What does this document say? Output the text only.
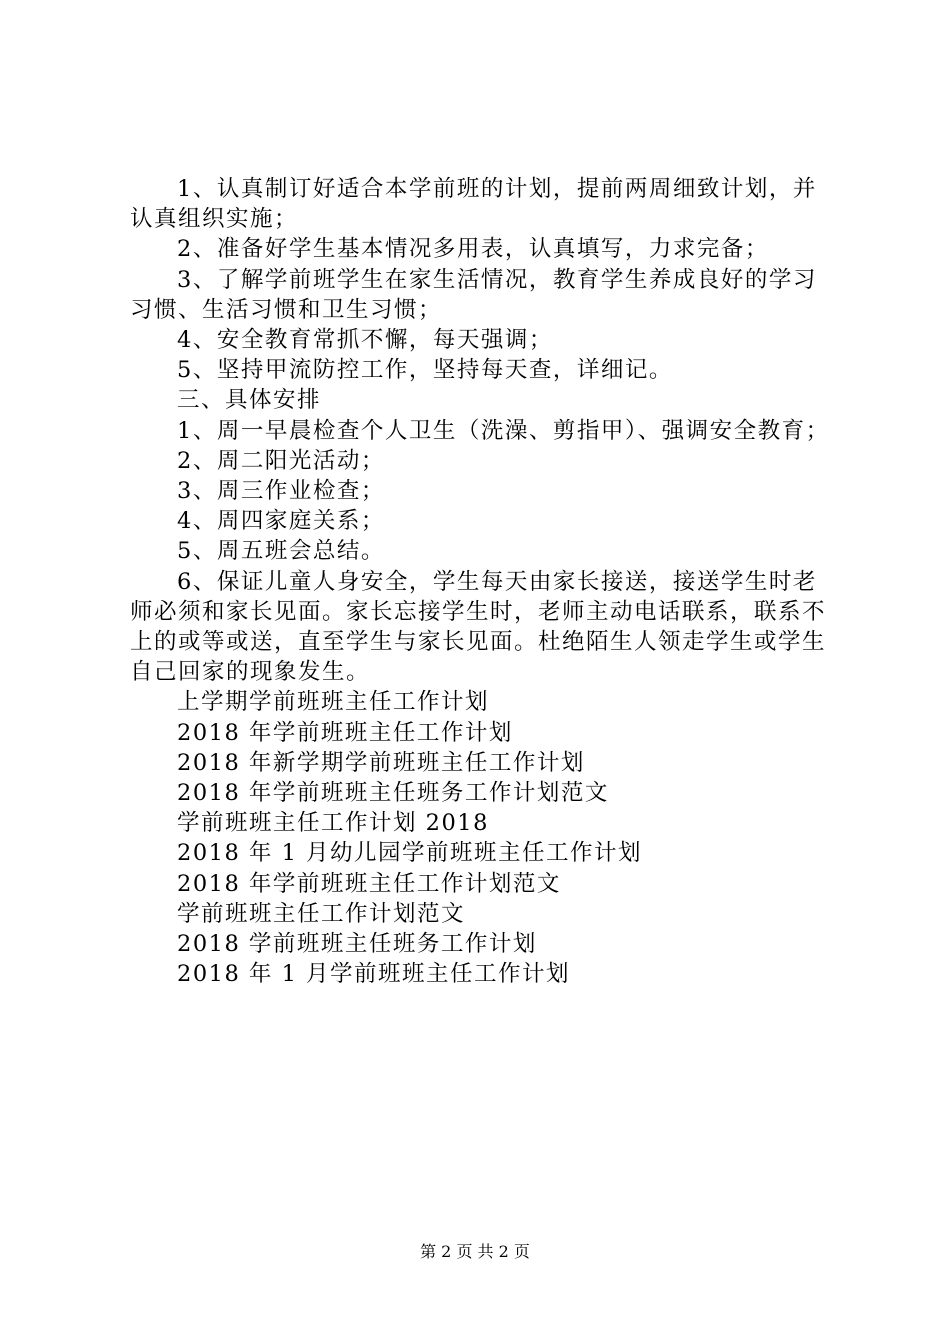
1、认真制订好适合本学前班的计划，提前两周细致计划，并认真组织实施；

2、准备好学生基本情况多用表，认真填写，力求完备；

3、了解学前班学生在家生活情况，教育学生养成良好的学习习惯、生活习惯和卫生习惯；

4、安全教育常抓不懈，每天强调；

5、坚持甲流防控工作，坚持每天查，详细记。

三、具体安排

1、周一早晨检查个人卫生（洗澡、剪指甲）、强调安全教育；

2、周二阳光活动；

3、周三作业检查；

4、周四家庭关系；

5、周五班会总结。

6、保证儿童人身安全，学生每天由家长接送，接送学生时老师必须和家长见面。家长忘接学生时，老师主动电话联系，联系不上的或等或送，直至学生与家长见面。杜绝陌生人领走学生或学生自己回家的现象发生。

上学期学前班班主任工作计划

2018 年学前班班主任工作计划

2018 年新学期学前班班主任工作计划

2018 年学前班班主任班务工作计划范文

学前班班主任工作计划 2018

2018 年 1 月幼儿园学前班班主任工作计划

2018 年学前班班主任工作计划范文

学前班班主任工作计划范文

2018 学前班班主任班务工作计划

2018 年 1 月学前班班主任工作计划

第 2 页 共 2 页
